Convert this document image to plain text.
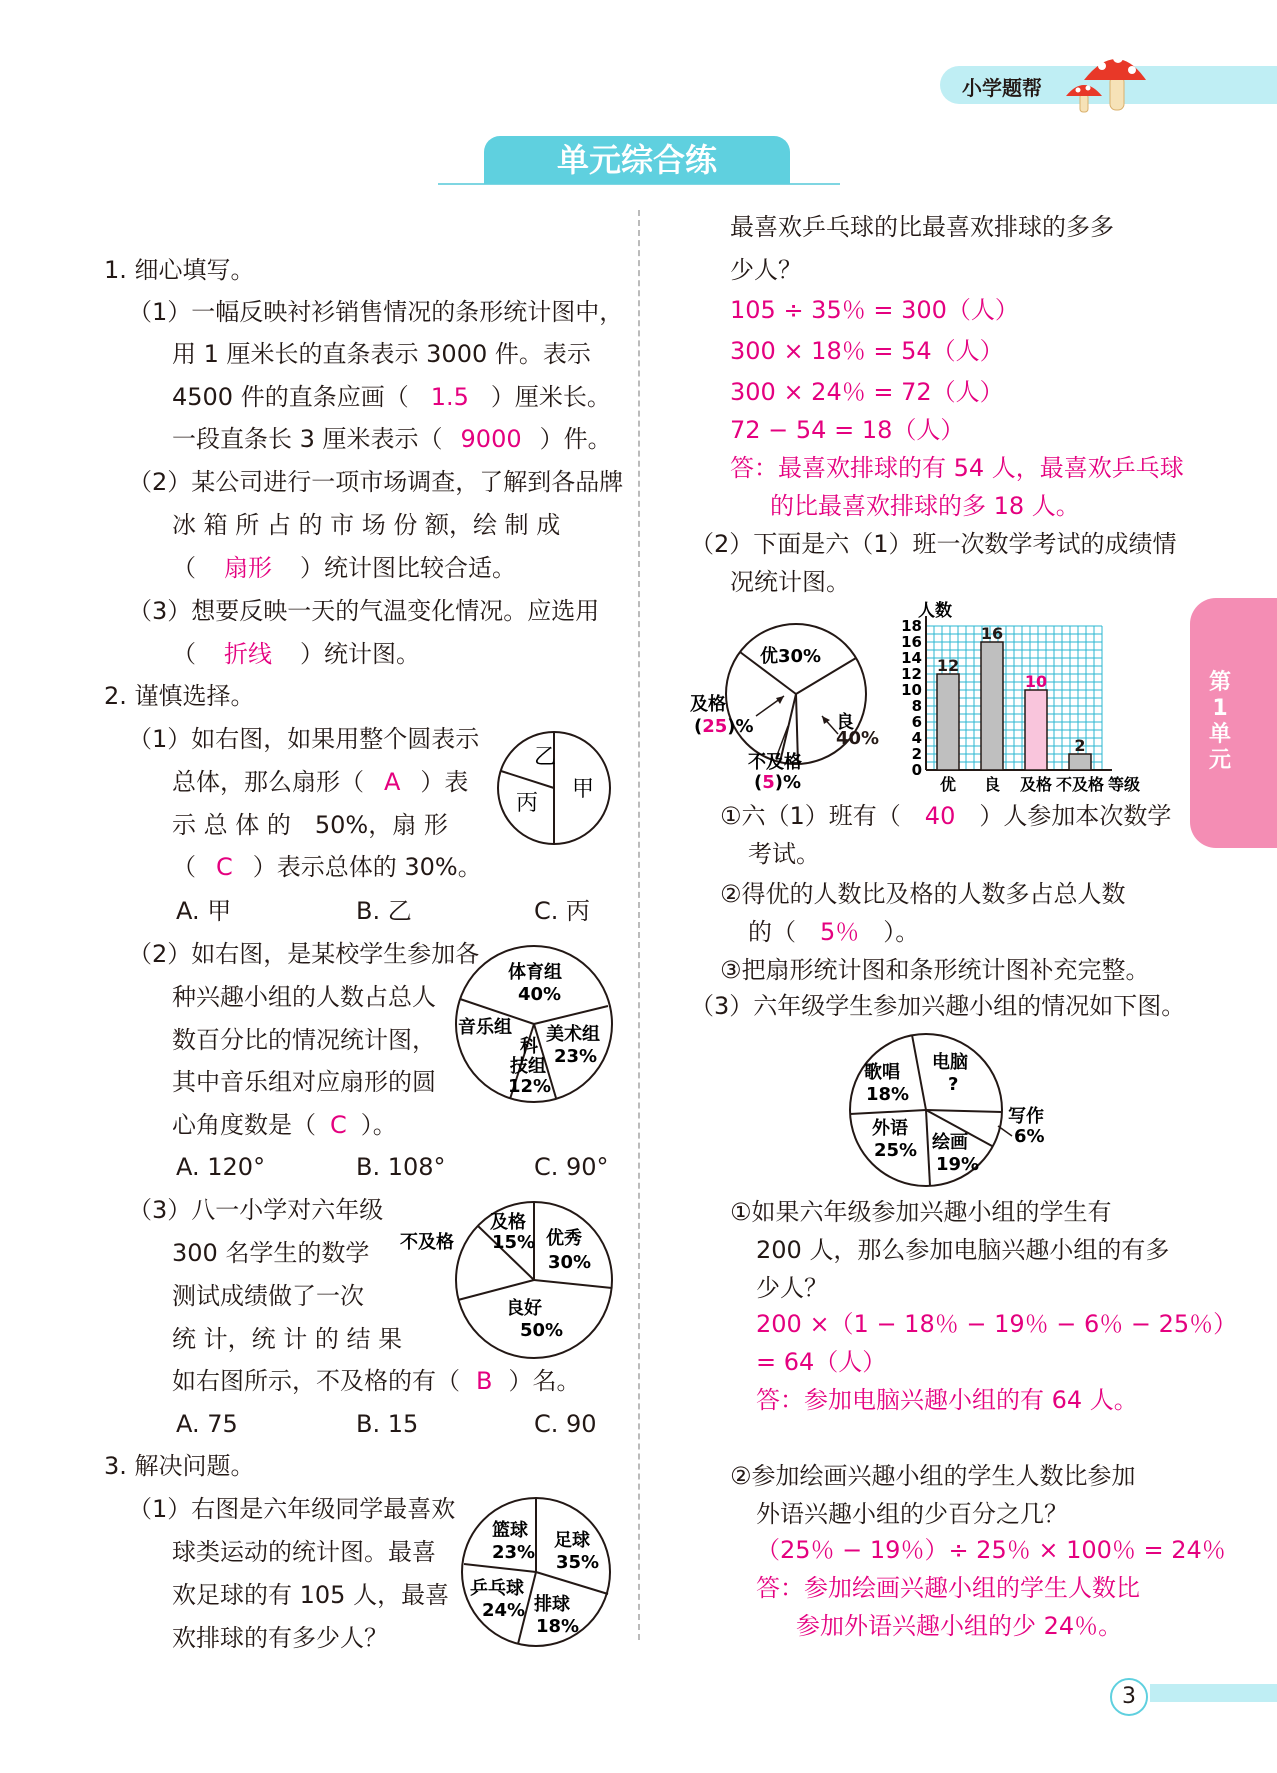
小学题帮
单元综合练
第1单元
1. 细心填写。
（1）一幅反映衬衫销售情况的条形统计图中，
用 1 厘米长的直条表示 3000 件。表示
4500 件的直条应画（ 1.5 ）厘米长。
一段直条长 3 厘米表示（ 9000 ）件。
（2）某公司进行一项市场调查，了解到各品牌
冰 箱 所 占 的 市 场 份 额，绘 制 成
（ 扇形 ）统计图比较合适。
（3）想要反映一天的气温变化情况。应选用
（ 折线 ）统计图。
2. 谨慎选择。
（1）如右图，如果用整个圆表示
总体，那么扇形（ A ）表
示 总 体 的　50%，扇 形
（ C ）表示总体的 30%。
A. 甲	B. 乙	C. 丙
乙
甲
丙
（2）如右图，是某校学生参加各
种兴趣小组的人数占总人
数百分比的情况统计图，
其中音乐组对应扇形的圆
心角度数是（ C ）。
A. 120°	B. 108°	C. 90°
体育组
40%
音乐组 美术组
23%
科
技组
12%
（3）八一小学对六年级
300 名学生的数学
测试成绩做了一次
统 计，统 计 的 结 果
如右图所示，不及格的有（ B ）名。
A. 75	B. 15	C. 90
不及格
及格
15% 优秀
30%
良好
50%
3. 解决问题。
（1）右图是六年级同学最喜欢
球类运动的统计图。最喜
欢足球的有 105 人，最喜
欢排球的有多少人？
篮球
23%
足球
35%
乒乓球
24% 排球
18%
最喜欢乒乓球的比最喜欢排球的多多
少人？
105 ÷ 35％ = 300（人）
300 × 18％ = 54（人）
300 × 24％ = 72（人）
72 − 54 = 18（人）
答：最喜欢排球的有 54 人，最喜欢乒乓球
的比最喜欢排球的多 18 人。
（2）下面是六（1）班一次数学考试的成绩情
况统计图。
优30%
良
及格
(25)%
不及格
(5)%
40%
0
2
4
6
8
10
12
14
16
18
人数
12
优
16
良
10
及格
2
不及格 等级
①六（1）班有（ 40 ）人参加本次数学
考试。
②得优的人数比及格的人数多占总人数
的（ 5％ ）。
③把扇形统计图和条形统计图补充完整。
（3）六年级学生参加兴趣小组的情况如下图。
歌唱
18%
电脑
?
外语
25% 绘画
19%
写作
6%
①如果六年级参加兴趣小组的学生有
200 人，那么参加电脑兴趣小组的有多
少人？
200 ×（1 − 18％ − 19％ − 6％ − 25％）
= 64（人）
答：参加电脑兴趣小组的有 64 人。
②参加绘画兴趣小组的学生人数比参加
外语兴趣小组的少百分之几？
（25％ − 19％）÷ 25％ × 100％ = 24％
答：参加绘画兴趣小组的学生人数比
参加外语兴趣小组的少 24％。
3
